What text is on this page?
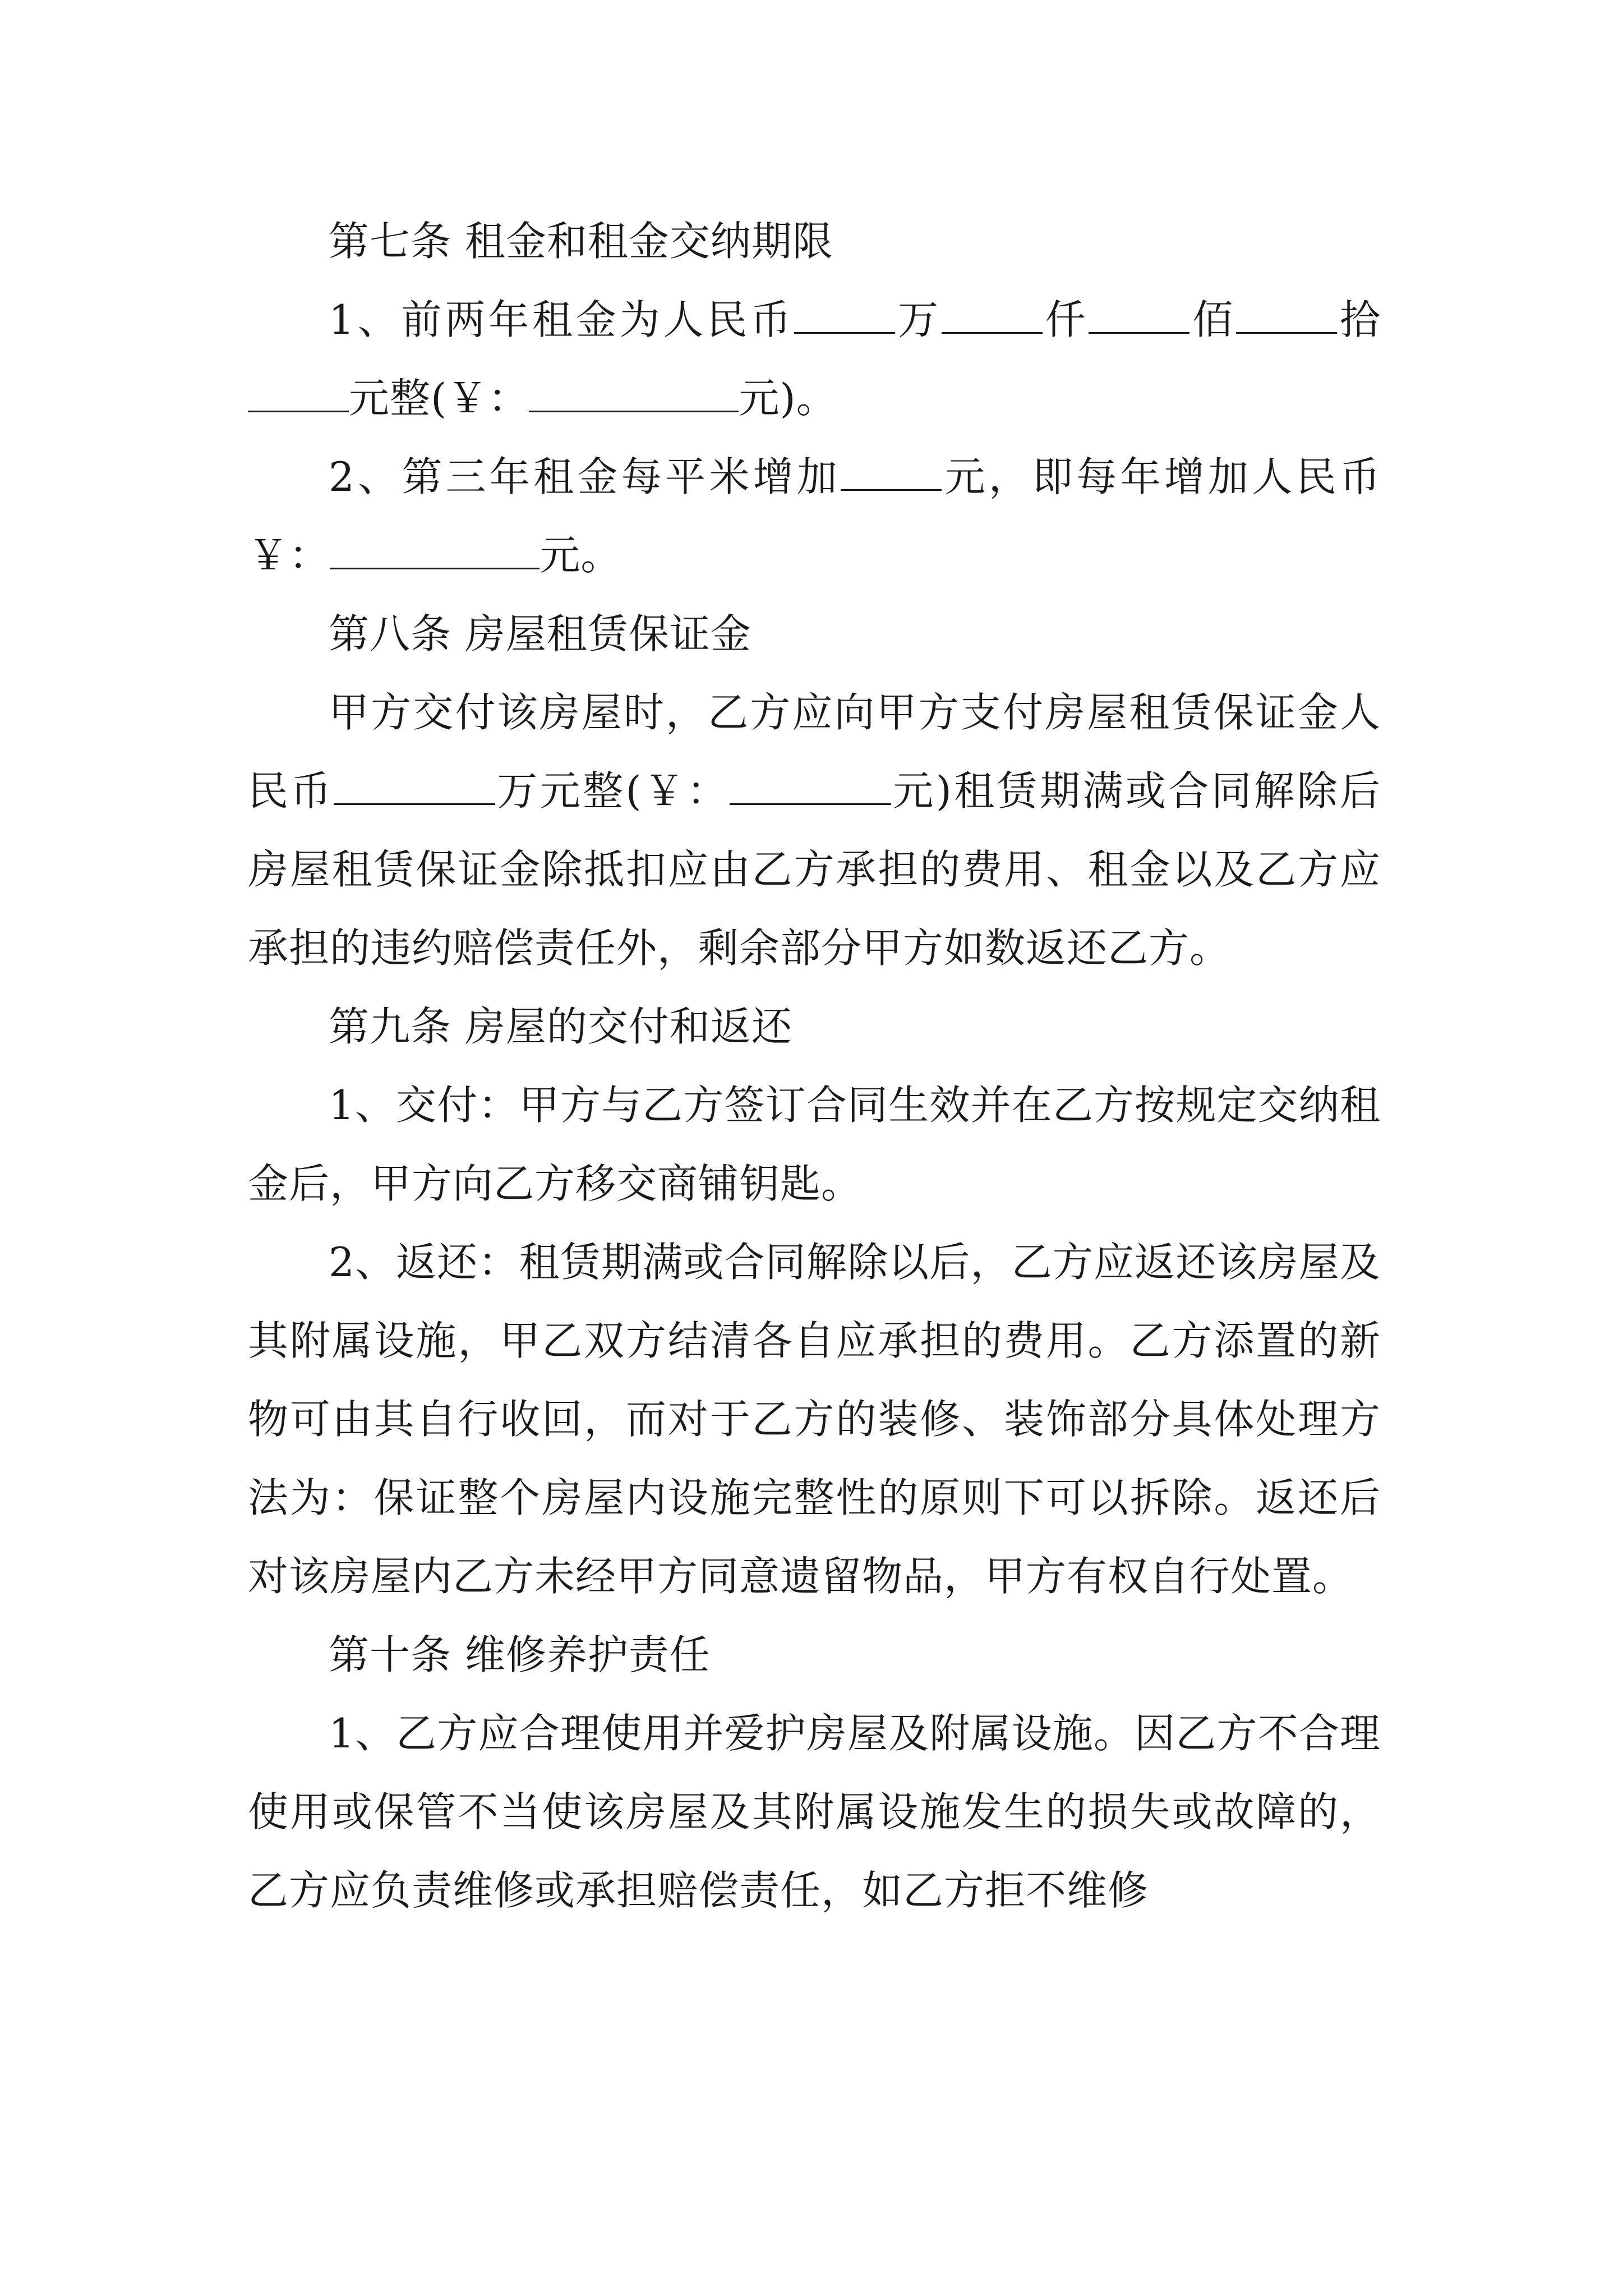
第七条 租金和租金交纳期限

1、前两年租金为人民币	万	仟	佰	拾元整(￥：	元)。

2、第三年租金每平米增加	元，即每年增加人民币￥：	元。

第八条 房屋租赁保证金

甲方交付该房屋时，乙方应向甲方支付房屋租赁保证金人民币	万元整(￥：	元)租赁期满或合同解除后房屋租赁保证金除抵扣应由乙方承担的费用、租金以及乙方应承担的违约赔偿责任外，剩余部分甲方如数返还乙方。

第九条 房屋的交付和返还

1、交付：甲方与乙方签订合同生效并在乙方按规定交纳租金后，甲方向乙方移交商铺钥匙。

2、返还：租赁期满或合同解除以后，乙方应返还该房屋及其附属设施，甲乙双方结清各自应承担的费用。乙方添置的新物可由其自行收回，而对于乙方的装修、装饰部分具体处理方法为：保证整个房屋内设施完整性的原则下可以拆除。返还后对该房屋内乙方未经甲方同意遗留物品，甲方有权自行处置。

第十条 维修养护责任

1、乙方应合理使用并爱护房屋及附属设施。因乙方不合理使用或保管不当使该房屋及其附属设施发生的损失或故障的，乙方应负责维修或承担赔偿责任，如乙方拒不维修
